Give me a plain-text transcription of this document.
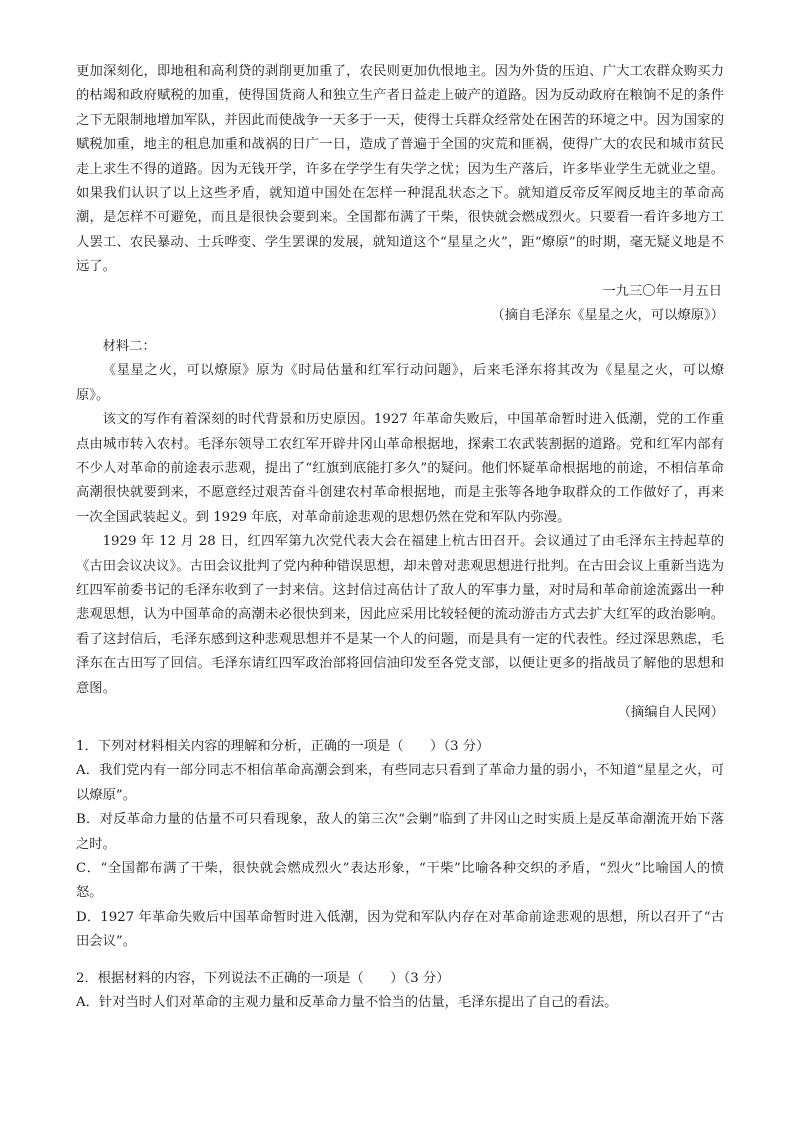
更加深刻化，即地租和高利贷的剥削更加重了，农民则更加仇恨地主。因为外货的压迫、广大工农群众购买力的枯竭和政府赋税的加重，使得国货商人和独立生产者日益走上破产的道路。因为反动政府在粮饷不足的条件之下无限制地增加军队，并因此而使战争一天多于一天，使得士兵群众经常处在困苦的环境之中。因为国家的赋税加重，地主的租息加重和战祸的日广一日，造成了普遍于全国的灾荒和匪祸，使得广大的农民和城市贫民走上求生不得的道路。因为无钱开学，许多在学学生有失学之忧；因为生产落后，许多毕业学生无就业之望。如果我们认识了以上这些矛盾，就知道中国处在怎样一种混乱状态之下。就知道反帝反军阀反地主的革命高潮，是怎样不可避免，而且是很快会要到来。全国都布满了干柴，很快就会燃成烈火。只要看一看许多地方工人罢工、农民暴动、士兵哗变、学生罢课的发展，就知道这个“星星之火”，距“燎原”的时期，毫无疑义地是不远了。

一九三〇年一月五日

（摘自毛泽东《星星之火，可以燎原》）

材料二：

《星星之火，可以燎原》原为《时局估量和红军行动问题》，后来毛泽东将其改为《星星之火，可以燎原》。

该文的写作有着深刻的时代背景和历史原因。1927 年革命失败后，中国革命暂时进入低潮，党的工作重点由城市转入农村。毛泽东领导工农红军开辟井冈山革命根据地，探索工农武装割据的道路。党和红军内部有不少人对革命的前途表示悲观，提出了“红旗到底能打多久”的疑问。他们怀疑革命根据地的前途，不相信革命高潮很快就要到来，不愿意经过艰苦奋斗创建农村革命根据地，而是主张等各地争取群众的工作做好了，再来一次全国武装起义。到 1929 年底，对革命前途悲观的思想仍然在党和军队内弥漫。

1929 年 12 月 28 日，红四军第九次党代表大会在福建上杭古田召开。会议通过了由毛泽东主持起草的《古田会议决议》。古田会议批判了党内种种错误思想，却未曾对悲观思想进行批判。在古田会议上重新当选为红四军前委书记的毛泽东收到了一封来信。这封信过高估计了敌人的军事力量，对时局和革命前途流露出一种悲观思想，认为中国革命的高潮未必很快到来，因此应采用比较轻便的流动游击方式去扩大红军的政治影响。看了这封信后，毛泽东感到这种悲观思想并不是某一个人的问题，而是具有一定的代表性。经过深思熟虑，毛泽东在古田写了回信。毛泽东请红四军政治部将回信油印发至各党支部，以便让更多的指战员了解他的思想和意图。

（摘编自人民网）

1．下列对材料相关内容的理解和分析，正确的一项是（　　）（3 分）

A．我们党内有一部分同志不相信革命高潮会到来，有些同志只看到了革命力量的弱小，不知道“星星之火，可以燎原”。

B．对反革命力量的估量不可只看现象，敌人的第三次“会剿”临到了井冈山之时实质上是反革命潮流开始下落之时。

C．“全国都布满了干柴，很快就会燃成烈火”表达形象，“干柴”比喻各种交织的矛盾，“烈火”比喻国人的愤怒。

D．1927 年革命失败后中国革命暂时进入低潮，因为党和军队内存在对革命前途悲观的思想，所以召开了“古田会议”。

2．根据材料的内容，下列说法不正确的一项是（　　）（3 分）

A．针对当时人们对革命的主观力量和反革命力量不恰当的估量，毛泽东提出了自己的看法。
